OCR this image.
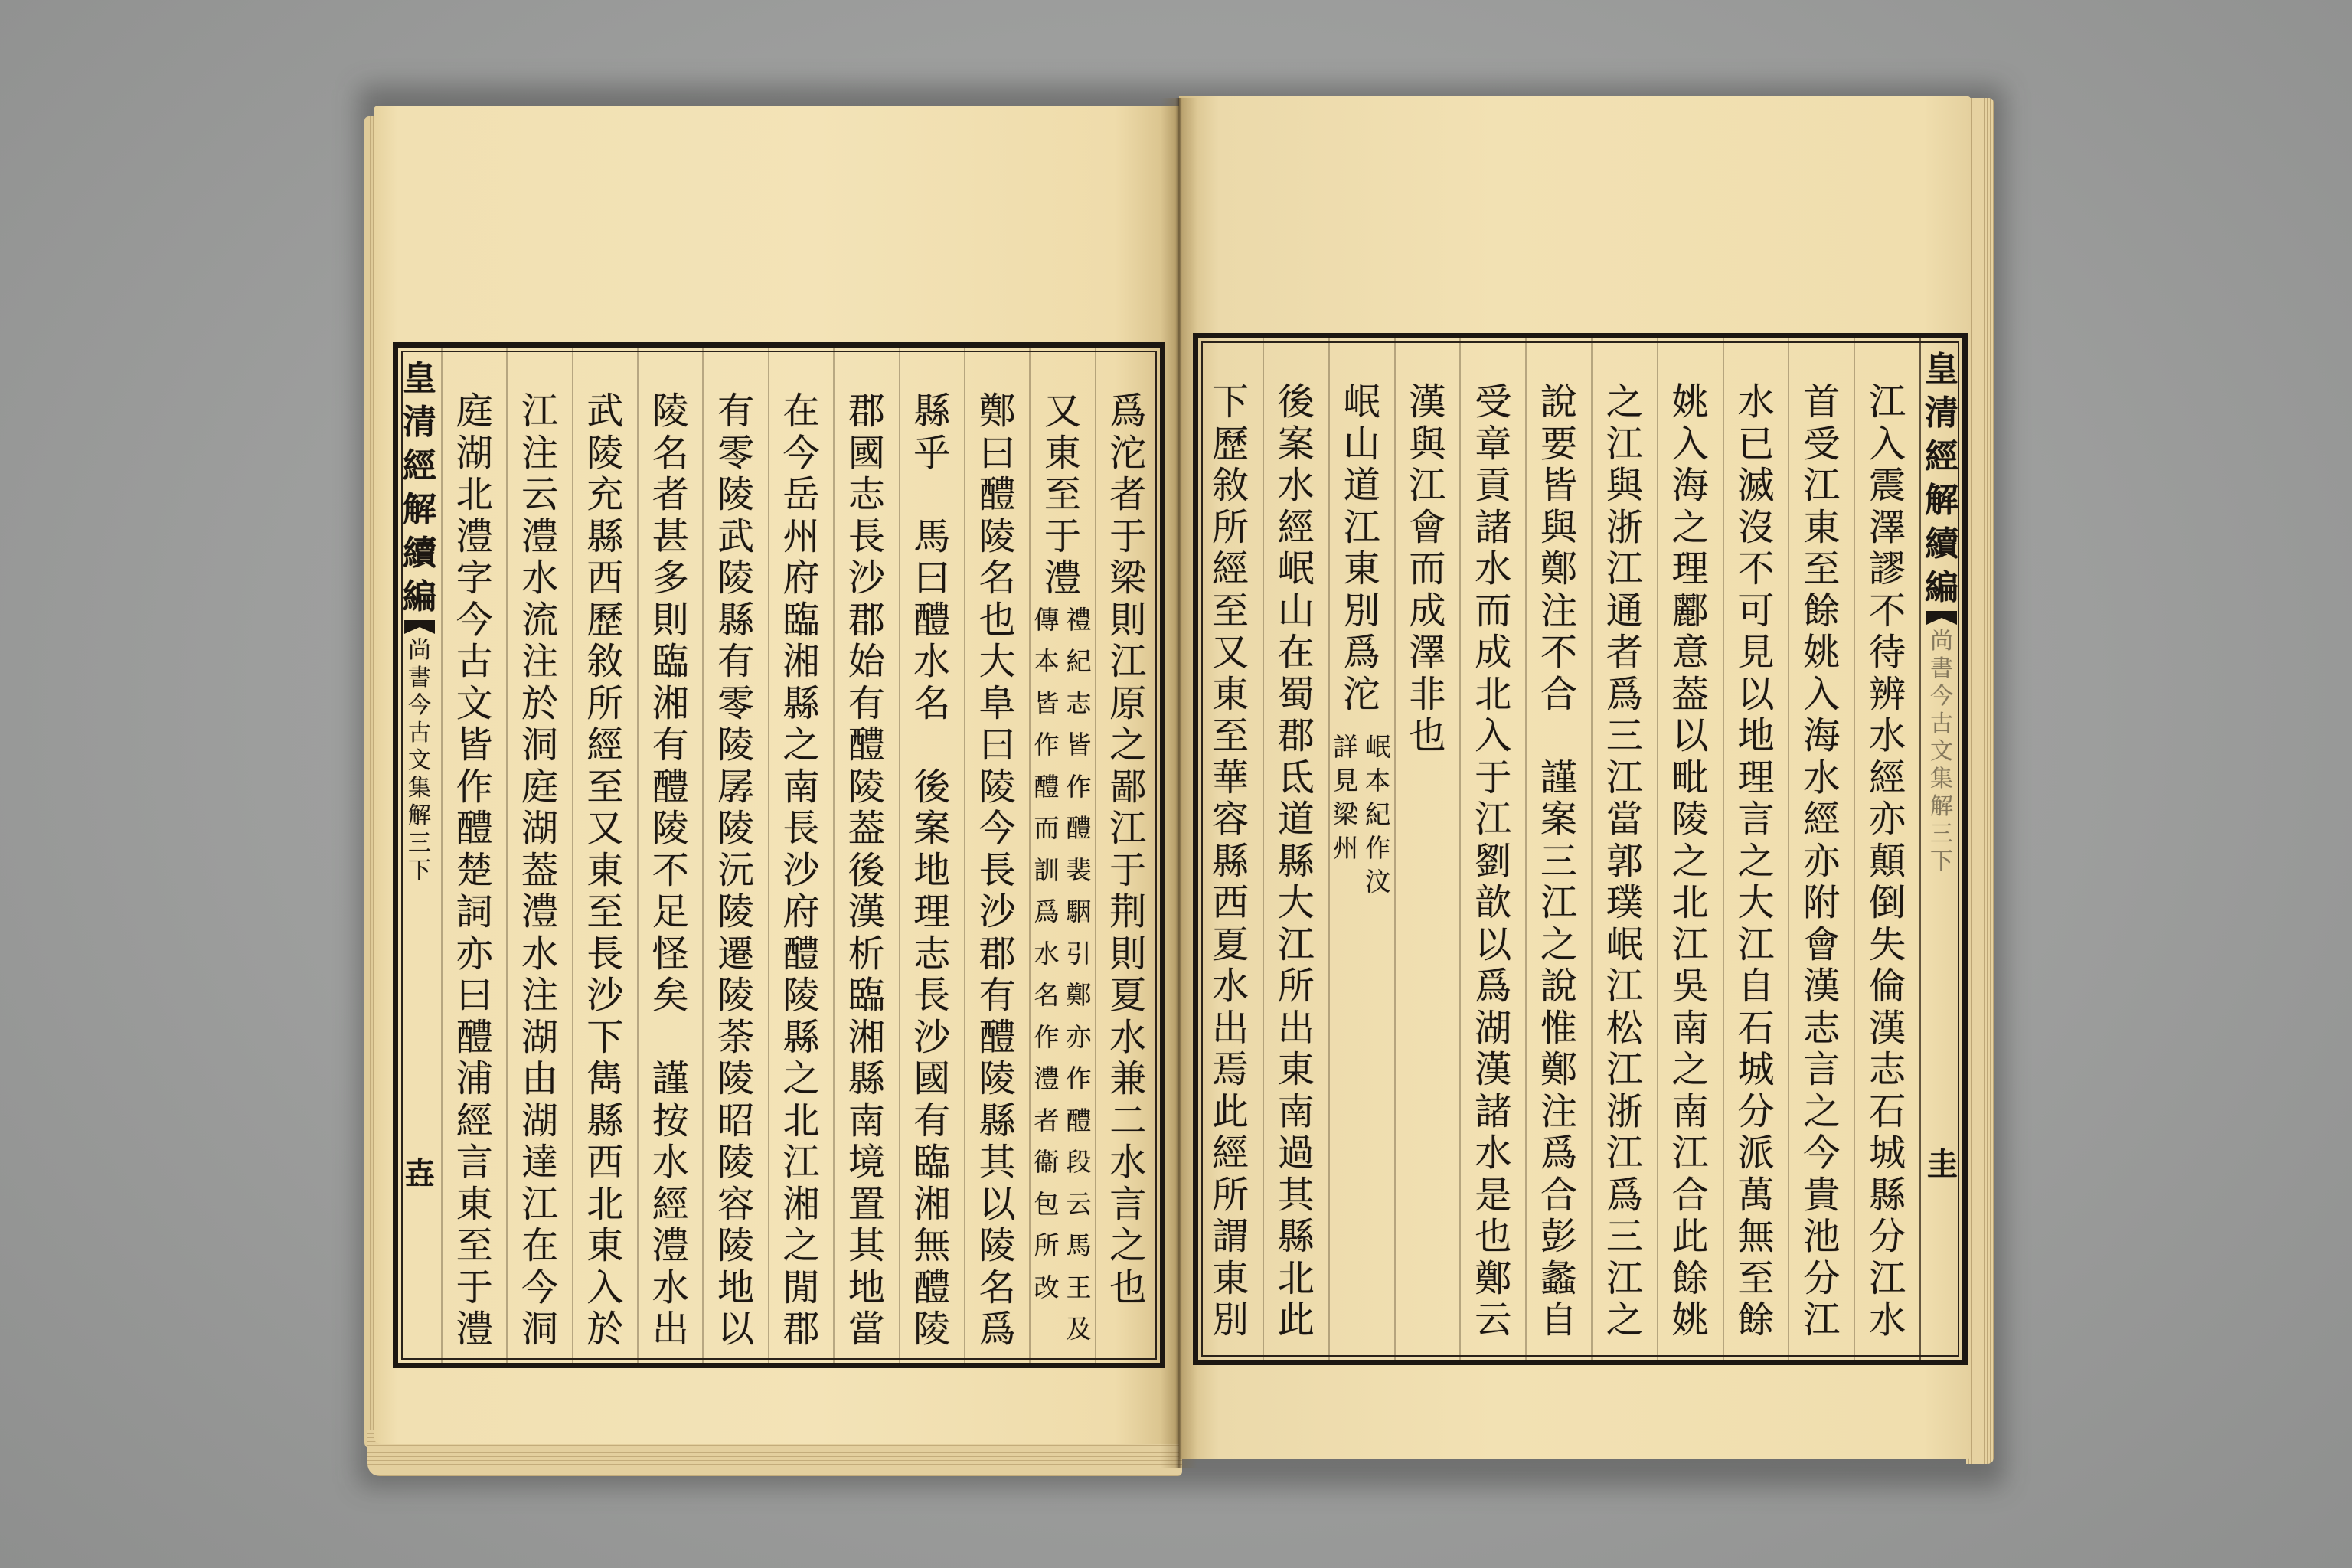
皇
清
經
解
續
編
尚
書
今
古
文
集
解
三
下
圭
江
入
震
澤
謬
不
待
辨
水
經
亦
顛
倒
失
倫
漢
志
石
城
縣
分
江
水
首
受
江
東
至
餘
姚
入
海
水
經
亦
附
會
漢
志
言
之
今
貴
池
分
江
水
已
滅
沒
不
可
見
以
地
理
言
之
大
江
自
石
城
分
派
萬
無
至
餘
姚
入
海
之
理
酈
意
葢
以
毗
陵
之
北
江
吳
南
之
南
江
合
此
餘
姚
之
江
與
浙
江
通
者
爲
三
江
當
郭
璞
岷
江
松
江
浙
江
爲
三
江
之
說
要
皆
與
鄭
注
不
合

謹
案
三
江
之
說
惟
鄭
注
爲
合
彭
蠡
自
受
章
貢
諸
水
而
成
北
入
于
江
劉
歆
以
爲
湖
漢
諸
水
是
也
鄭
云
漢
與
江
會
而
成
澤
非
也
岷
山
道
江
東
別
爲
沱
岷
本
紀
作
汶
詳
見
梁
州
後
案
水
經
岷
山
在
蜀
郡
氐
道
縣
大
江
所
出
東
南
過
其
縣
北
此
下
歷
敘
所
經
至
又
東
至
華
容
縣
西
夏
水
出
焉
此
經
所
謂
東
別
爲
沱
者
于
梁
則
江
原
之
鄙
江
于
荆
則
夏
水
兼
二
水
言
之
也
又
東
至
于
澧
禮
紀
志
皆
作
醴
裴
駰
引
鄭
亦
作
醴
段
云
馬
王
及
傳
本
皆
作
醴
而
訓
爲
水
名
作
澧
者
衞
包
所
改
鄭
曰
醴
陵
名
也
大
阜
曰
陵
今
長
沙
郡
有
醴
陵
縣
其
以
陵
名
爲
縣
乎

馬
曰
醴
水
名

後
案
地
理
志
長
沙
國
有
臨
湘
無
醴
陵
郡
國
志
長
沙
郡
始
有
醴
陵
葢
後
漢
析
臨
湘
縣
南
境
置
其
地
當
在
今
岳
州
府
臨
湘
縣
之
南
長
沙
府
醴
陵
縣
之
北
江
湘
之
閒
郡
有
零
陵
武
陵
縣
有
零
陵
孱
陵
沅
陵
遷
陵
荼
陵
昭
陵
容
陵
地
以
陵
名
者
甚
多
則
臨
湘
有
醴
陵
不
足
怪
矣

謹
按
水
經
澧
水
出
武
陵
充
縣
西
歷
敘
所
經
至
又
東
至
長
沙
下
雋
縣
西
北
東
入
於
江
注
云
澧
水
流
注
於
洞
庭
湖
葢
澧
水
注
湖
由
湖
達
江
在
今
洞
庭
湖
北
澧
字
今
古
文
皆
作
醴
楚
詞
亦
曰
醴
浦
經
言
東
至
于
澧
皇
清
經
解
續
編
尚
書
今
古
文
集
解
三
下
壵
